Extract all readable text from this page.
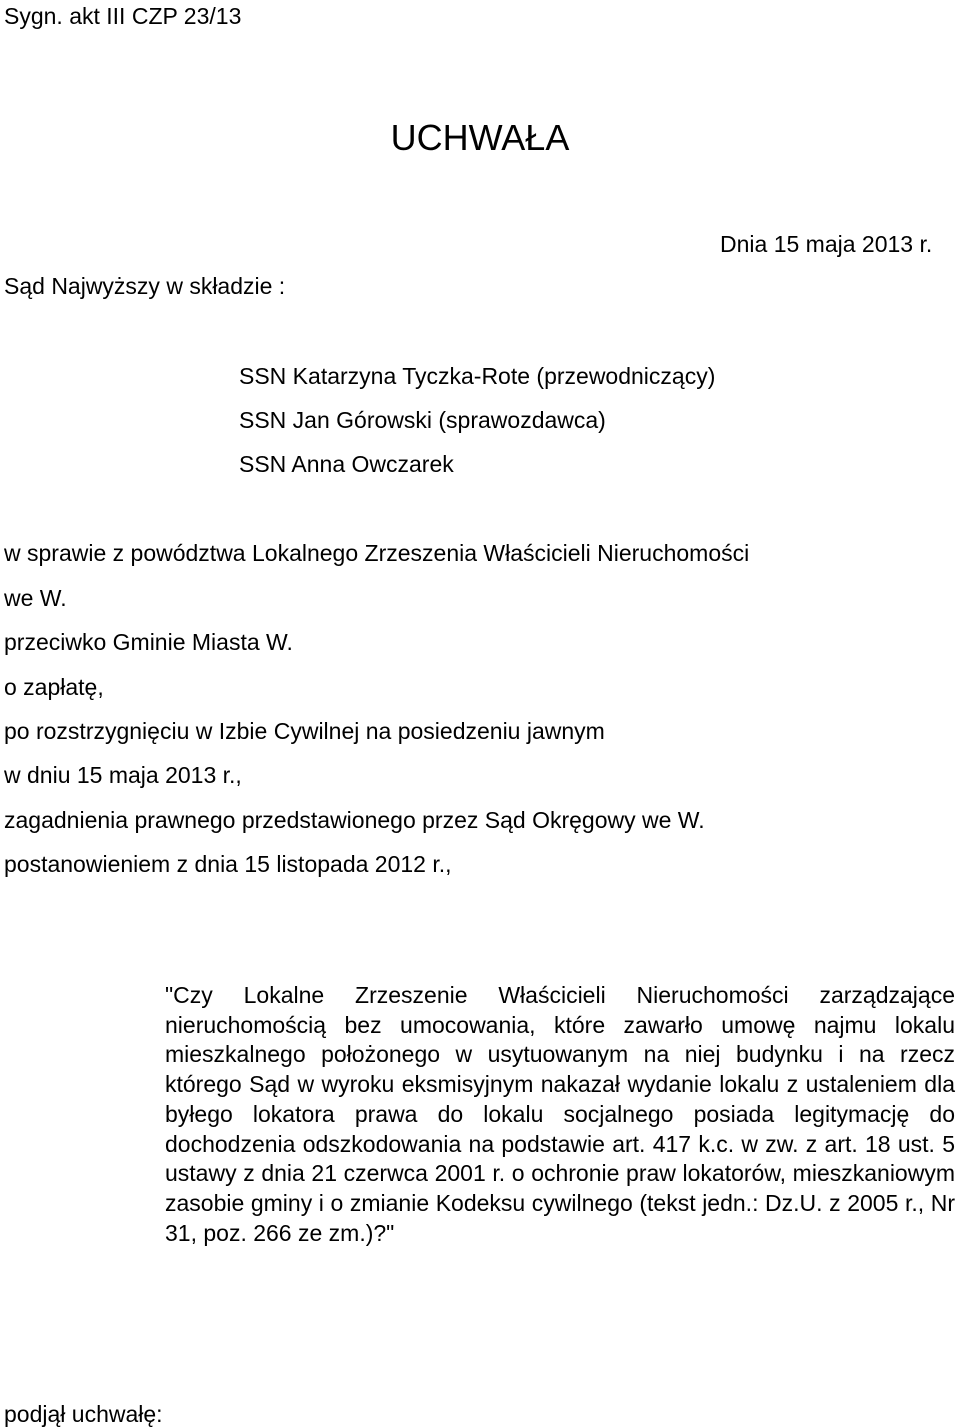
Sygn. akt III CZP 23/13
UCHWAŁA
Dnia 15 maja 2013 r.
Sąd Najwyższy w składzie :
SSN Katarzyna Tyczka-Rote (przewodniczący)
SSN Jan Górowski (sprawozdawca)
SSN Anna Owczarek
w sprawie z powództwa Lokalnego Zrzeszenia Właścicieli Nieruchomości
we W.
przeciwko Gminie Miasta W.
o zapłatę,
po rozstrzygnięciu w Izbie Cywilnej na posiedzeniu jawnym
w dniu 15 maja 2013 r.,
zagadnienia prawnego przedstawionego przez Sąd Okręgowy we W.
postanowieniem z dnia 15 listopada 2012 r.,

"Czy Lokalne Zrzeszenie Właścicieli Nieruchomości zarządzające nieruchomością bez umocowania, które zawarło umowę najmu lokalu mieszkalnego położonego w usytuowanym na niej budynku i na rzecz którego Sąd w wyroku eksmisyjnym nakazał wydanie lokalu z ustaleniem dla byłego lokatora prawa do lokalu socjalnego posiada legitymację do dochodzenia odszkodowania na podstawie art. 417 k.c. w zw. z art. 18 ust. 5 ustawy z dnia 21 czerwca 2001 r. o ochronie praw lokatorów, mieszkaniowym zasobie gminy i o zmianie Kodeksu cywilnego (tekst jedn.: Dz.U. z 2005 r., Nr 31, poz. 266 ze zm.)?"

podjął uchwałę:
